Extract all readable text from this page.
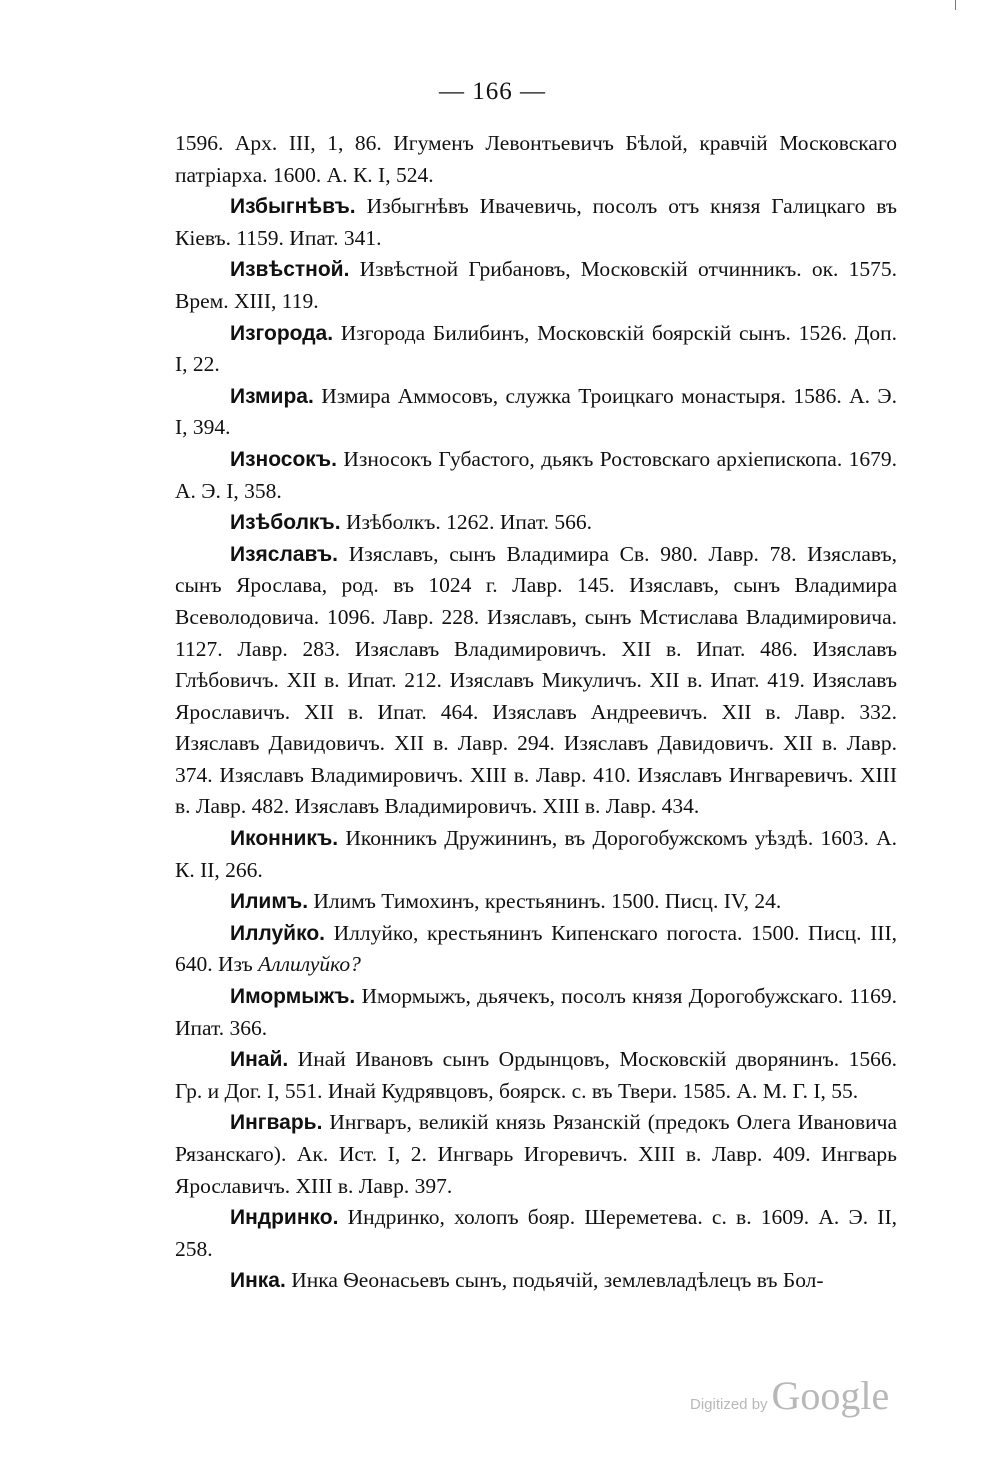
— 166 —

1596. Арх. III, 1, 86. Игуменъ Левонтьевичъ Бѣлой, кравчій Московскаго патріарха. 1600. А. К. I, 524.

Избыгнѣвъ. Избыгнѣвъ Ивачевичь, посолъ отъ князя Галицкаго въ Кіевъ. 1159. Ипат. 341.

Извѣстной. Извѣстной Грибановъ, Московскій отчинникъ. ок. 1575. Врем. XIII, 119.

Изгорода. Изгорода Билибинъ, Московскій боярскій сынъ. 1526. Доп. I, 22.

Измира. Измира Аммосовъ, служка Троицкаго монастыря. 1586. А. Э. I, 394.

Износокъ. Износокъ Губастого, дьякъ Ростовскаго архіепископа. 1679. А. Э. I, 358.

Изѣболкъ. Изѣболкъ. 1262. Ипат. 566.

Изяславъ. Изяславъ, сынъ Владимира Св. 980. Лавр. 78. Изяславъ, сынъ Ярослава, род. въ 1024 г. Лавр. 145. Изяславъ, сынъ Владимира Всеволодовича. 1096. Лавр. 228. Изяславъ, сынъ Мстислава Владимировича. 1127. Лавр. 283. Изяславъ Владимировичъ. XII в. Ипат. 486. Изяславъ Глѣбовичъ. XII в. Ипат. 212. Изяславъ Микуличъ. XII в. Ипат. 419. Изяславъ Ярославичъ. XII в. Ипат. 464. Изяславъ Андреевичъ. XII в. Лавр. 332. Изяславъ Давидовичъ. XII в. Лавр. 294. Изяславъ Давидовичъ. XII в. Лавр. 374. Изяславъ Владимировичъ. XIII в. Лавр. 410. Изяславъ Ингваревичъ. XIII в. Лавр. 482. Изяславъ Владимировичъ. XIII в. Лавр. 434.

Иконникъ. Иконникъ Дружининъ, въ Дорогобужскомъ уѣздѣ. 1603. А. К. II, 266.

Илимъ. Илимъ Тимохинъ, крестьянинъ. 1500. Писц. IV, 24.

Иллуйко. Иллуйко, крестьянинъ Кипенскаго погоста. 1500. Писц. III, 640. Изъ Аллилуйко?

Имормыжъ. Имормыжъ, дьячекъ, посолъ князя Дорогобужскаго. 1169. Ипат. 366.

Инай. Инай Ивановъ сынъ Ордынцовъ, Московскій дворянинъ. 1566. Гр. и Дог. I, 551. Инай Кудрявцовъ, боярск. с. въ Твери. 1585. А. М. Г. I, 55.

Ингварь. Ингваръ, великій князь Рязанскій (предокъ Олега Ивановича Рязанскаго). Ак. Ист. I, 2. Ингварь Игоревичъ. XIII в. Лавр. 409. Ингварь Ярославичъ. XIII в. Лавр. 397.

Индринко. Индринко, холопъ бояр. Шереметева. с. в. 1609. А. Э. II, 258.

Инка. Инка Ѳеонасьевъ сынъ, подьячій, землевладѣлецъ въ Бол-

Digitized by Google
